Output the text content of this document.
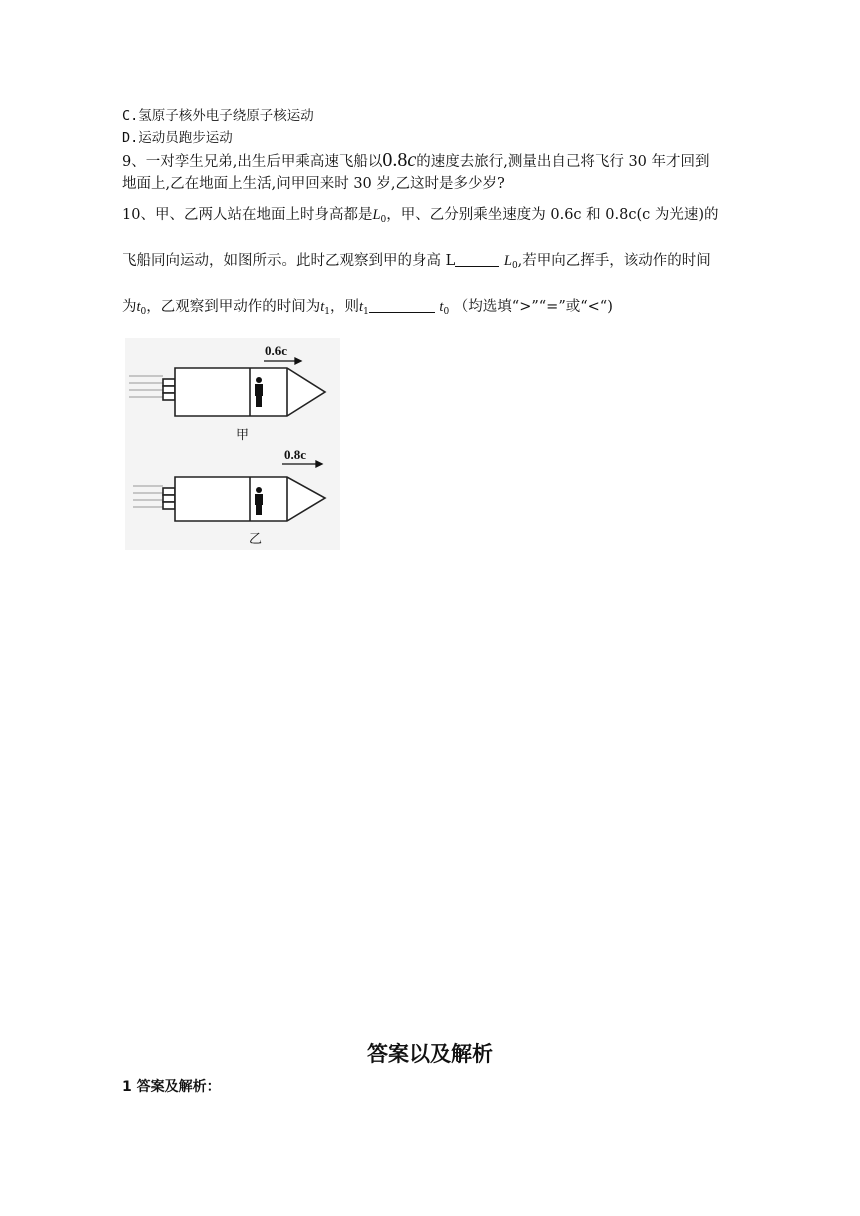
C.氢原子核外电子绕原子核运动
D.运动员跑步运动
9、一对孪生兄弟,出生后甲乘高速飞船以0.8c的速度去旅行,测量出自己将飞行 30 年才回到
地面上,乙在地面上生活,问甲回来时 30 岁,乙这时是多少岁?
10、甲、乙两人站在地面上时身高都是$L_0$，甲、乙分别乘坐速度为 0.6c 和 0.8c(c 为光速)的
飞船同向运动，如图所示。此时乙观察到甲的身高 L	$L_0$,若甲向乙挥手，该动作的时间
为$t_0$，乙观察到甲动作的时间为$t_1$，则$t_1$	$t_0$ （均选填“>”“=”或“<“)
0.6c
甲
0.8c
乙
答案以及解析
1 答案及解析：
